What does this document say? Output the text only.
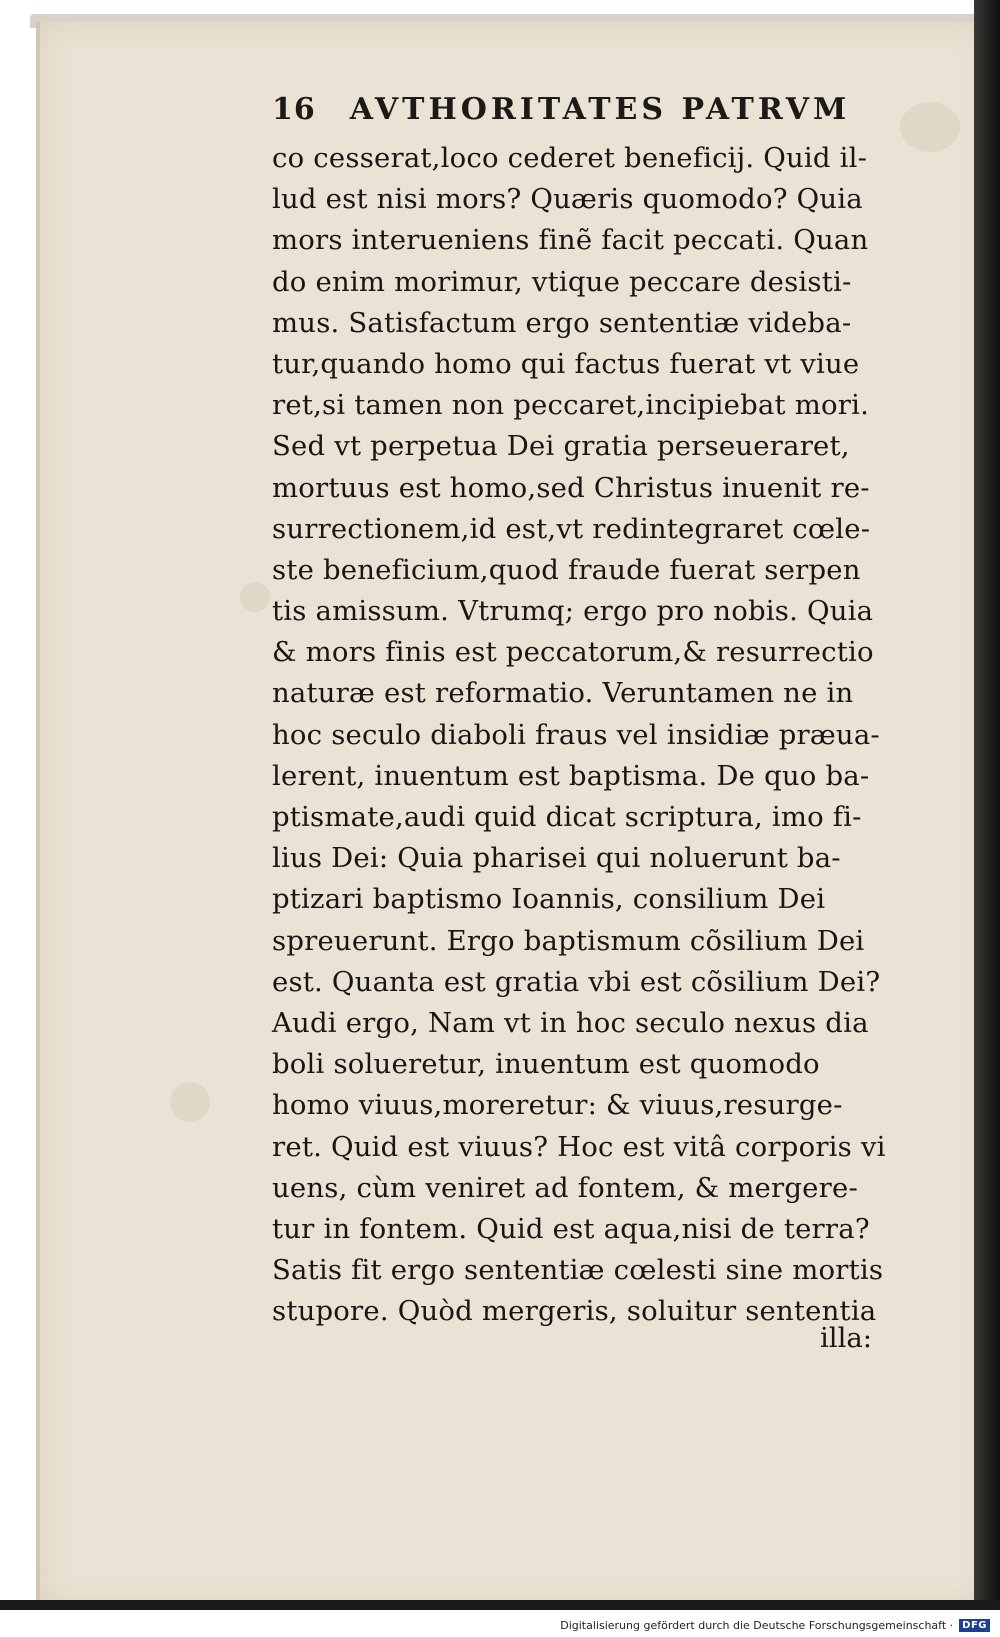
16 AVTHORITATES PATRVM
co cesserat,loco cederet beneficij. Quid il-
lud est nisi mors? Quæris quomodo? Quia
mors interueniens finẽ facit peccati. Quan
do enim morimur, vtique peccare desisti-
mus. Satisfactum ergo sententiæ videba-
tur,quando homo qui factus fuerat vt viue
ret,si tamen non peccaret,incipiebat mori.
Sed vt perpetua Dei gratia perseueraret,
mortuus est homo,sed Christus inuenit re-
surrectionem,id est,vt redintegraret cœle-
ste beneficium,quod fraude fuerat serpen
tis amissum. Vtrumq; ergo pro nobis. Quia
& mors finis est peccatorum,& resurrectio
naturæ est reformatio. Veruntamen ne in
hoc seculo diaboli fraus vel insidiæ præua-
lerent, inuentum est baptisma. De quo ba-
ptismate,audi quid dicat scriptura, imo fi-
lius Dei: Quia pharisei qui noluerunt ba-
ptizari baptismo Ioannis, consilium Dei
spreuerunt. Ergo baptismum cõsilium Dei
est. Quanta est gratia vbi est cõsilium Dei?
Audi ergo, Nam vt in hoc seculo nexus dia
boli solueretur, inuentum est quomodo
homo viuus,moreretur: & viuus,resurge-
ret. Quid est viuus? Hoc est vitâ corporis vi
uens, cùm veniret ad fontem, & mergere-
tur in fontem. Quid est aqua,nisi de terra?
Satis fit ergo sententiæ cœlesti sine mortis
stupore. Quòd mergeris, soluitur sententia
illa:
Digitalisierung gefördert durch die Deutsche Forschungsgemeinschaft · DFG
